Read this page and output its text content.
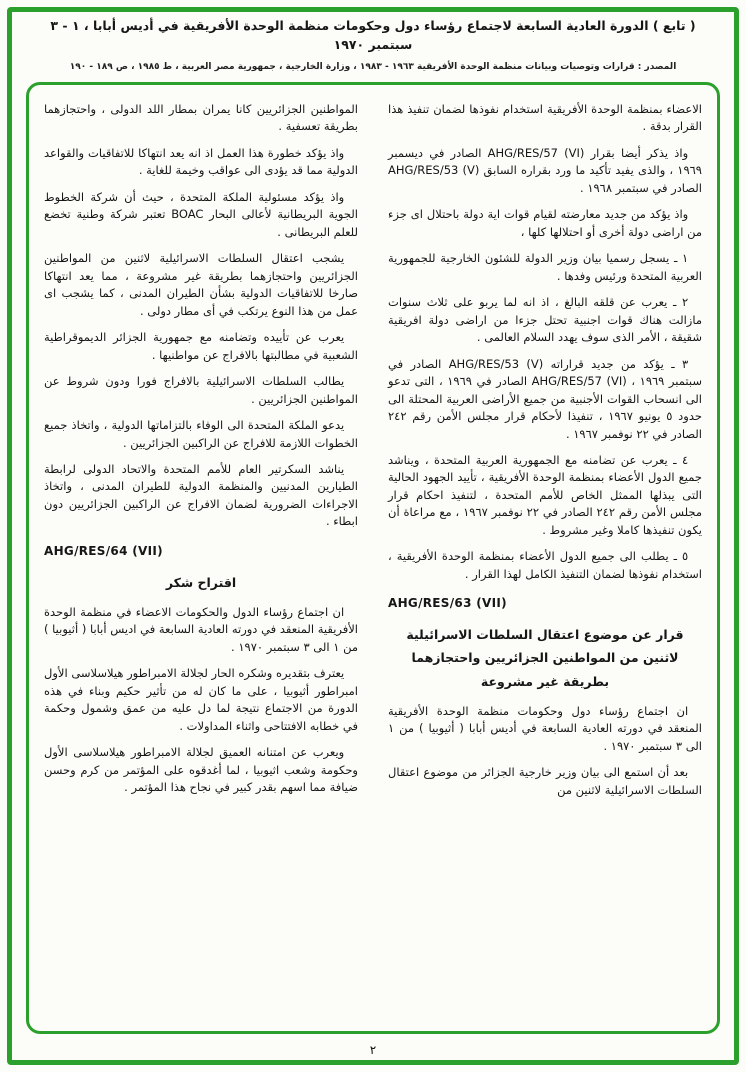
( تابع ) الدورة العادية السابعة لاجتماع رؤساء دول وحكومات منظمة الوحدة الأفريقية في أديس أبابا ، ١ - ٣ سبتمبر ١٩٧٠
المصدر : قرارات وتوصيات وبيانات منظمة الوحدة الأفريقية ١٩٦٣ - ١٩٨٣ ، وزارة الخارجية ، جمهورية مصر العربية ، ط ١٩٨٥ ، ص ١٨٩ - ١٩٠

الاعضاء بمنظمة الوحدة الأفريقية استخدام نفوذها لضمان تنفيذ هذا القرار بدقة .

واذ يذكر أيضا بقرار AHG/RES/57 (VI) الصادر في ديسمبر ١٩٦٩ ، والذى يفيد تأكيد ما ورد بقراره السابق AHG/RES/53 (V) الصادر في سبتمبر ١٩٦٨ .

واذ يؤكد من جديد معارضته لقيام قوات اية دولة باحتلال اى جزء من اراضى دولة أخرى أو احتلالها كلها ،

١ ـ يسجل رسميا بيان وزير الدولة للشئون الخارجية للجمهورية العربية المتحدة ورئيس وفدها .

٢ ـ يعرب عن قلقه البالغ ، اذ انه لما يربو على ثلاث سنوات مازالت هناك قوات اجنبية تحتل جزءا من اراضى دولة افريقية شقيقة ، الأمر الذى سوف يهدد السلام العالمى .

٣ ـ يؤكد من جديد قراراته AHG/RES/53 (V) الصادر في سبتمبر ١٩٦٩ ، AHG/RES/57 (VI) الصادر في ١٩٦٩ ، التى تدعو الى انسحاب القوات الأجنبية من جميع الأراضى العربية المحتلة الى حدود ٥ يونيو ١٩٦٧ ، تنفيذا لأحكام قرار مجلس الأمن رقم ٢٤٢ الصادر في ٢٢ نوفمبر ١٩٦٧ .

٤ ـ يعرب عن تضامنه مع الجمهورية العربية المتحدة ، ويناشد جميع الدول الأعضاء بمنظمة الوحدة الأفريقية ، تأييد الجهود الحالية التى يبذلها الممثل الخاص للأمم المتحدة ، لتنفيذ احكام قرار مجلس الأمن رقم ٢٤٢ الصادر في ٢٢ نوفمبر ١٩٦٧ ، مع مراعاة أن يكون تنفيذها كاملا وغير مشروط .

٥ ـ يطلب الى جميع الدول الأعضاء بمنظمة الوحدة الأفريقية ، استخدام نفوذها لضمان التنفيذ الكامل لهذا القرار .

AHG/RES/63 (VII)

قرار عن موضوع اعتقال السلطات الاسرائيلية لاثنين من المواطنين الجزائريين واحتجازهما بطريقة غير مشروعة

ان اجتماع رؤساء دول وحكومات منظمة الوحدة الأفريقية المنعقد في دورته العادية السابعة في أديس أبابا ( أثيوبيا ) من ١ الى ٣ سبتمبر ١٩٧٠ .

بعد أن استمع الى بيان وزير خارجية الجزائر من موضوع اعتقال السلطات الاسرائيلية لاثنين من

المواطنين الجزائريين كانا يمران بمطار اللد الدولى ، واحتجازهما بطريقة تعسفية .

واذ يؤكد خطورة هذا العمل اذ انه يعد انتهاكا للاتفاقيات والقواعد الدولية مما قد يؤدى الى عواقب وخيمة للغاية .

واذ يؤكد مسئولية الملكة المتحدة ، حيث أن شركة الخطوط الجوية البريطانية لأعالى البحار BOAC تعتبر شركة وطنية تخضع للعلم البريطانى .

يشجب اعتقال السلطات الاسرائيلية لاثنين من المواطنين الجزائريين واحتجازهما بطريقة غير مشروعة ، مما يعد انتهاكا صارخا للاتفاقيات الدولية بشأن الطيران المدنى ، كما يشجب اى عمل من هذا النوع يرتكب في أى مطار دولى .

يعرب عن تأييده وتضامنه مع جمهورية الجزائر الديموقراطية الشعبية في مطالبتها بالافراج عن مواطنيها .

يطالب السلطات الاسرائيلية بالافراج فورا ودون شروط عن المواطنين الجزائريين .

يدعو الملكة المتحدة الى الوفاء بالتزاماتها الدولية ، واتخاذ جميع الخطوات اللازمة للافراج عن الراكبين الجزائريين .

يناشد السكرتير العام للأمم المتحدة والاتحاد الدولى لرابطة الطيارين المدنيين والمنظمة الدولية للطيران المدنى ، واتخاذ الاجراءات الضرورية لضمان الافراج عن الراكبين الجزائريين دون ابطاء .

AHG/RES/64 (VII)

اقتراح شكر

ان اجتماع رؤساء الدول والحكومات الاعضاء في منظمة الوحدة الأفريقية المنعقد في دورته العادية السابعة في اديس أبابا ( أثيوبيا ) من ١ الى ٣ سبتمبر ١٩٧٠ .

يعترف بتقديره وشكره الحار لجلالة الامبراطور هيلاسلاسى الأول امبراطور أثيوبيا ، على ما كان له من تأثير حكيم وبناء في هذه الدورة من الاجتماع نتيجة لما دل عليه من عمق وشمول وحكمة في خطابه الافتتاحى واثناء المداولات .

ويعرب عن امتنانه العميق لجلالة الامبراطور هيلاسلاسى الأول وحكومة وشعب اثيوبيا ، لما أغدقوه على المؤتمر من كرم وحسن ضيافة مما اسهم بقدر كبير في نجاح هذا المؤتمر .

٢
